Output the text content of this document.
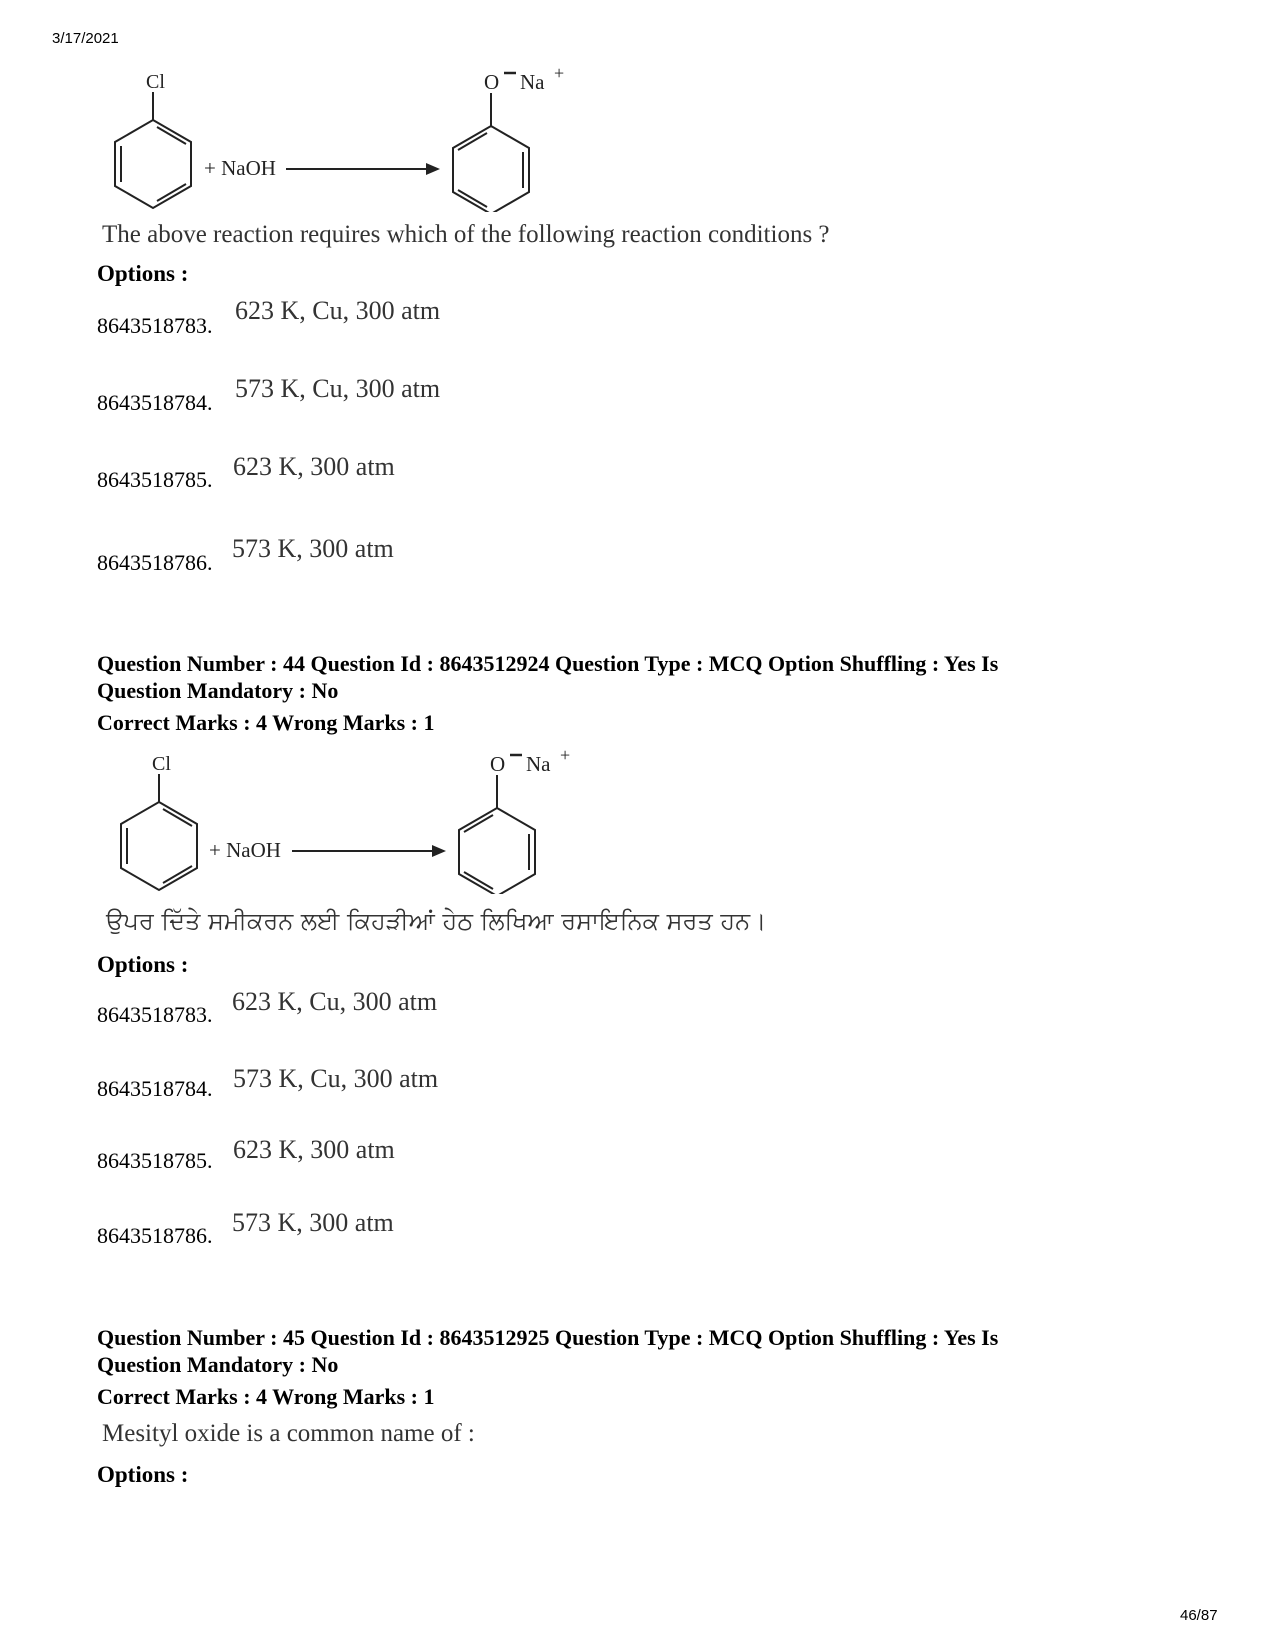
3/17/2021
Cl
+ NaOH
O Na +
The above reaction requires which of the following reaction conditions ?
Options :
8643518783.
623 K, Cu, 300 atm
8643518784. 573 K, Cu, 300 atm
8643518785. 623 K, 300 atm
8643518786. 573 K, 300 atm
Question Number : 44 Question Id : 8643512924 Question Type : MCQ Option Shuffling : Yes Is
Question Mandatory : No
Correct Marks : 4 Wrong Marks : 1
Cl
+ NaOH
O Na +
ਉਪਰ ਦਿੱਤੇ ਸਮੀਕਰਨ ਲਈ ਕਿਹੜੀਆਂ ਹੇਠ ਲਿਖਿਆ ਰਸਾਇਨਿਕ ਸਰਤ ਹਨ।
Options :
8643518783. 623 K, Cu, 300 atm
8643518784. 573 K, Cu, 300 atm
8643518785. 623 K, 300 atm
8643518786. 573 K, 300 atm
Question Number : 45 Question Id : 8643512925 Question Type : MCQ Option Shuffling : Yes Is
Question Mandatory : No
Correct Marks : 4 Wrong Marks : 1
Mesityl oxide is a common name of :
Options :
46/87
